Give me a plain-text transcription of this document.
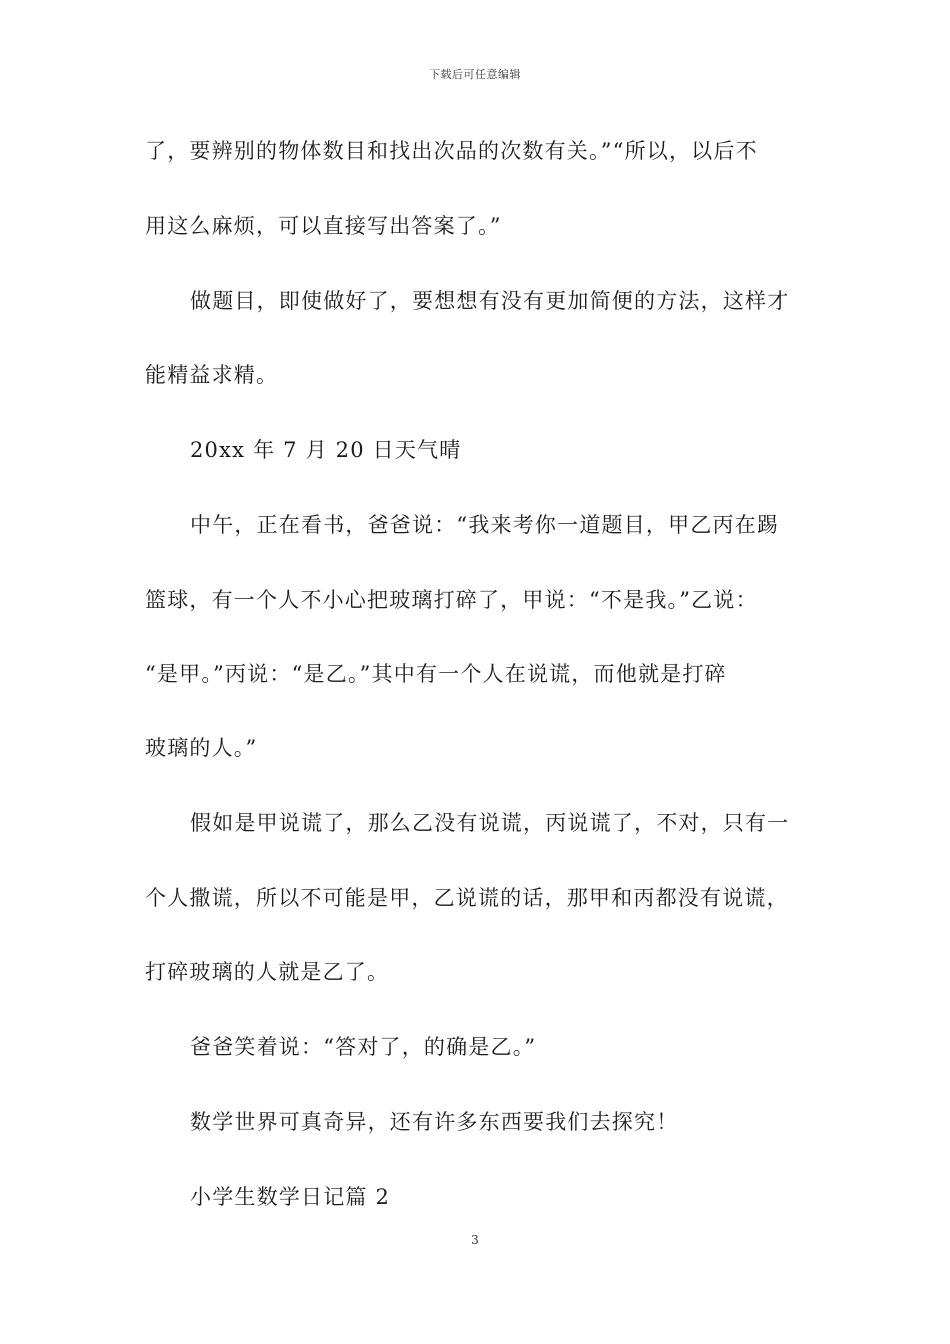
下载后可任意编辑
了，要辨别的物体数目和找出次品的次数有关。”“所以，以后不
用这么麻烦，可以直接写出答案了。”
做题目，即使做好了，要想想有没有更加简便的方法，这样才
能精益求精。
20xx 年 7 月 20 日天气晴
中午，正在看书，爸爸说：“我来考你一道题目，甲乙丙在踢
篮球，有一个人不小心把玻璃打碎了，甲说：“不是我。”乙说：
“是甲。”丙说：“是乙。”其中有一个人在说谎，而他就是打碎
玻璃的人。”
假如是甲说谎了，那么乙没有说谎，丙说谎了，不对，只有一
个人撒谎，所以不可能是甲，乙说谎的话，那甲和丙都没有说谎，
打碎玻璃的人就是乙了。
爸爸笑着说：“答对了，的确是乙。”
数学世界可真奇异，还有许多东西要我们去探究！
小学生数学日记篇 2
3
